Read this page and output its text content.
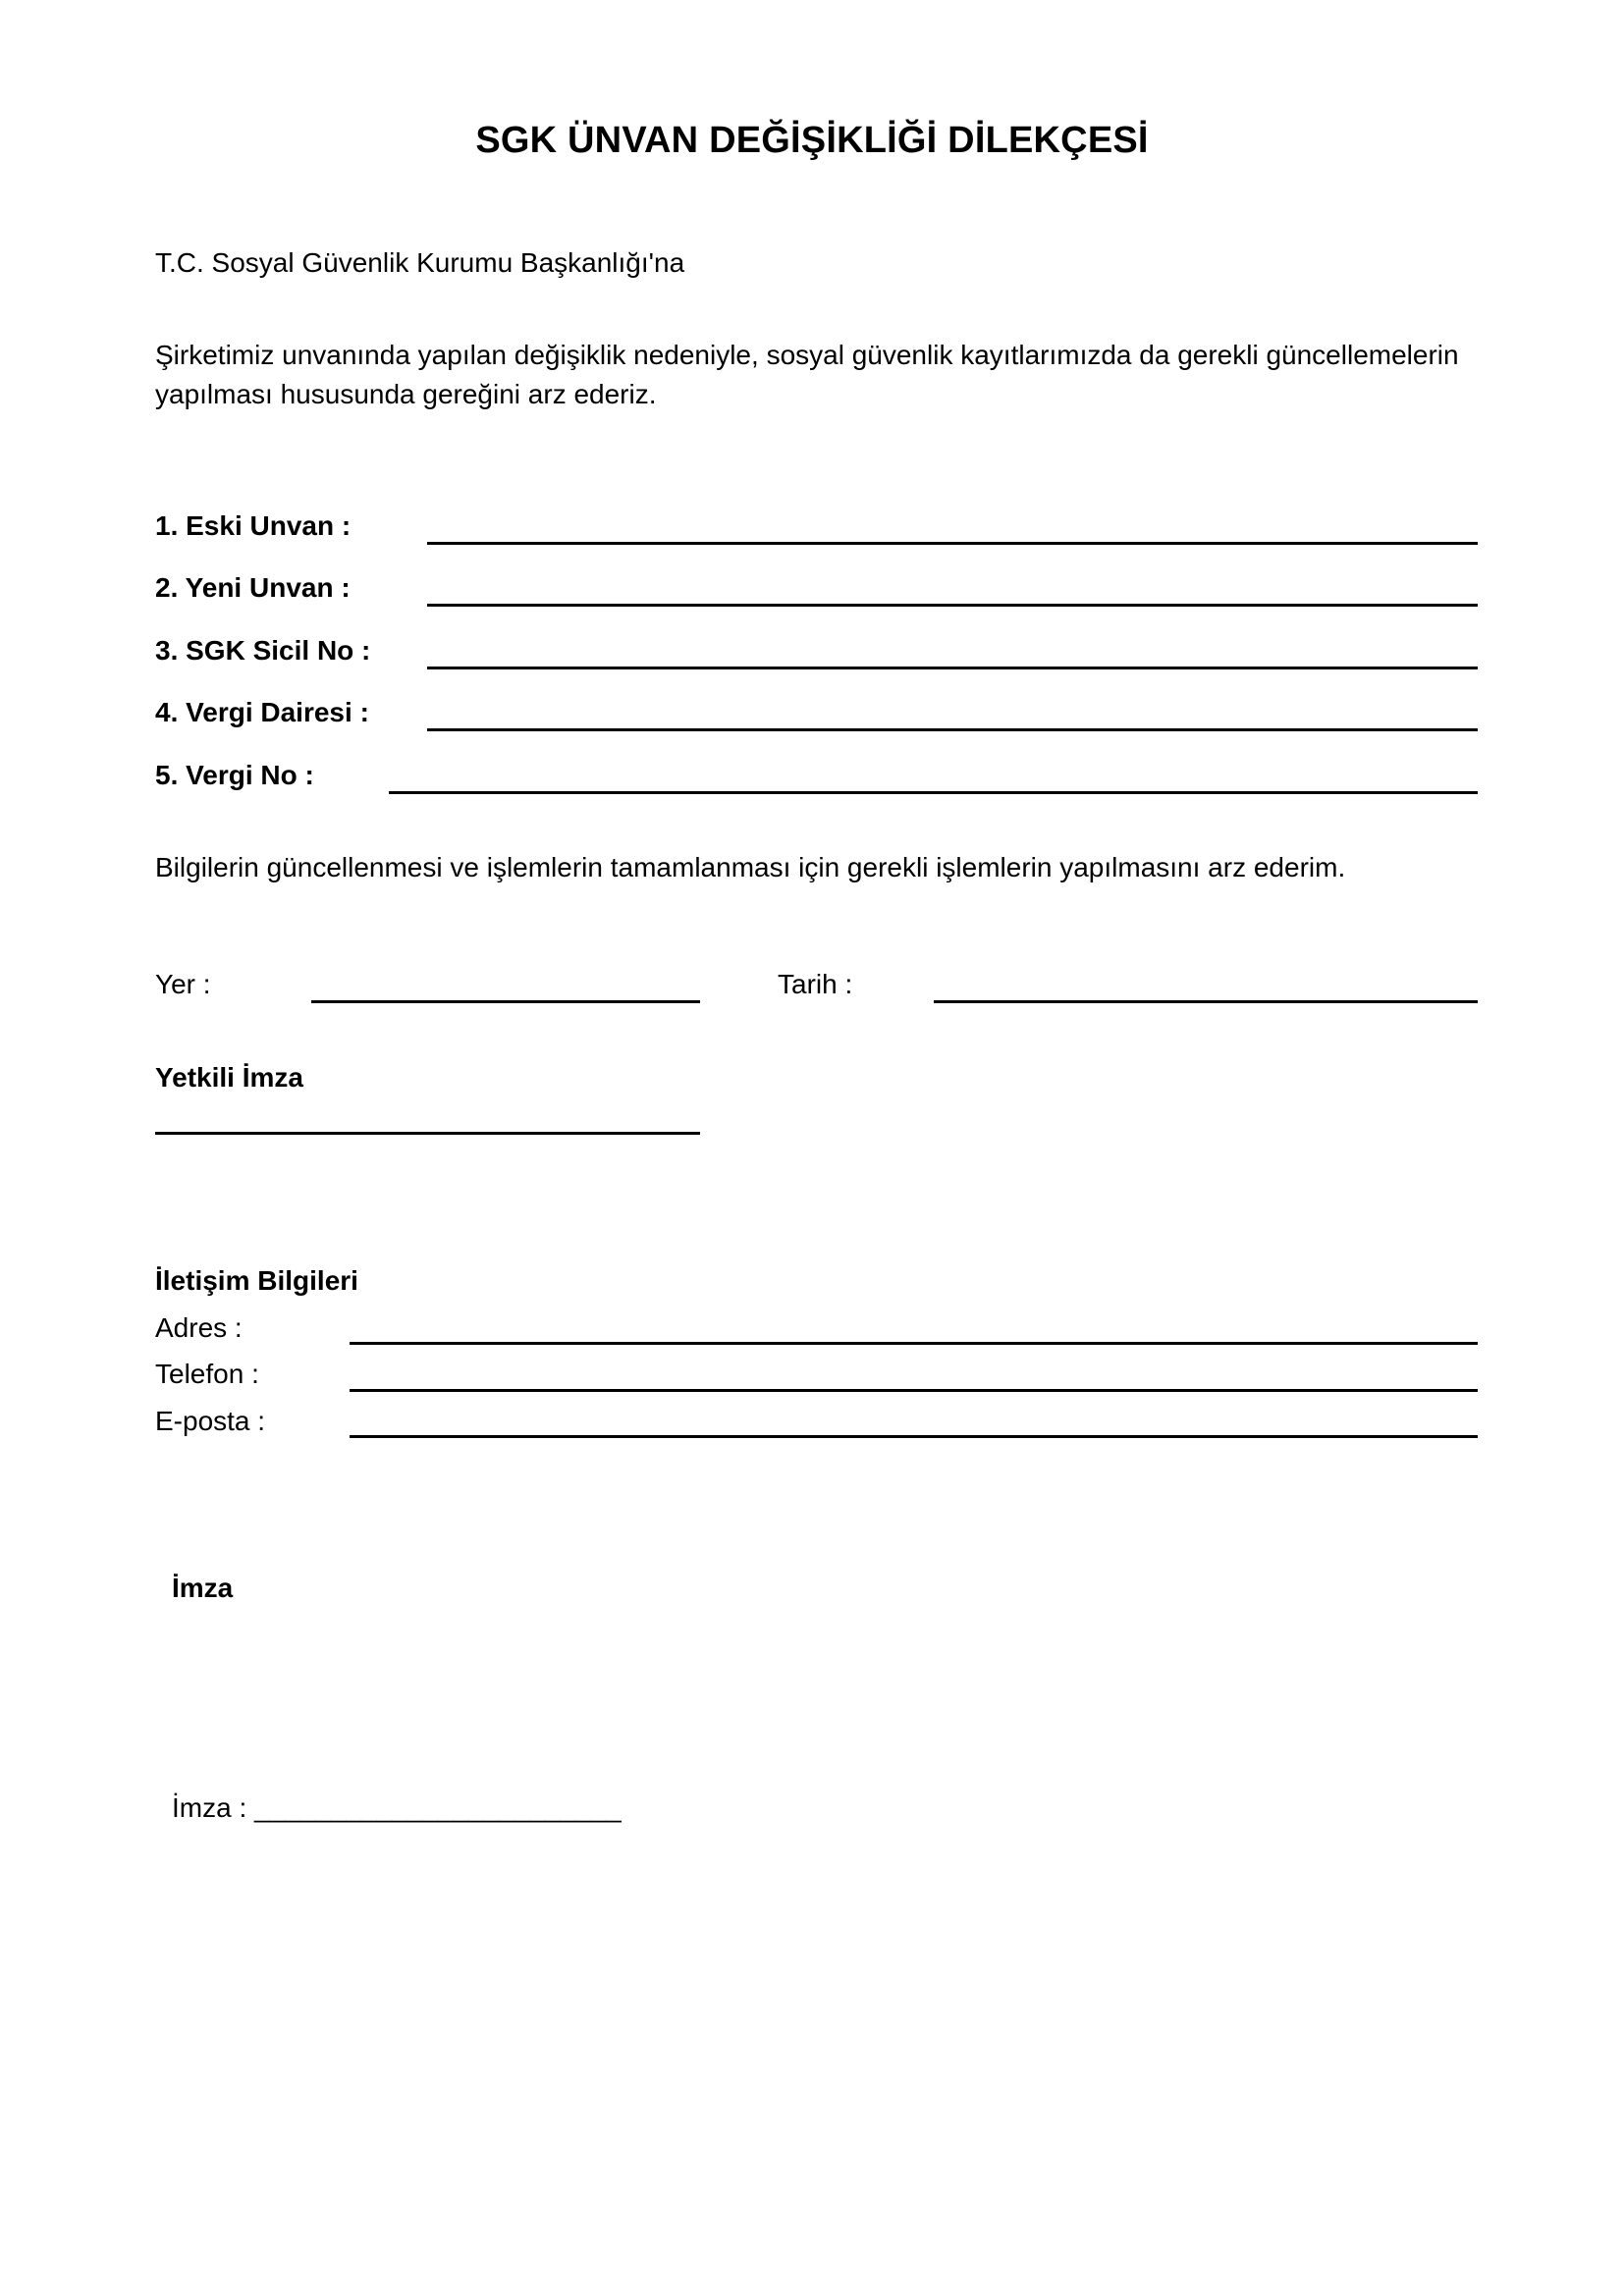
SGK ÜNVAN DEĞİŞİKLİĞİ DİLEKÇESİ
T.C. Sosyal Güvenlik Kurumu Başkanlığı'na
Şirketimiz unvanında yapılan değişiklik nedeniyle, sosyal güvenlik kayıtlarımızda da gerekli güncellemelerin yapılması hususunda gereğini arz ederiz.
1. Eski Unvan :
2. Yeni Unvan :
3. SGK Sicil No :
4. Vergi Dairesi :
5. Vergi No :
Bilgilerin güncellenmesi ve işlemlerin tamamlanması için gerekli işlemlerin yapılmasını arz ederim.
Yer :	Tarih :
Yetkili İmza
İletişim Bilgileri
Adres :
Telefon :
E-posta :
İmza
İmza : ________________________
